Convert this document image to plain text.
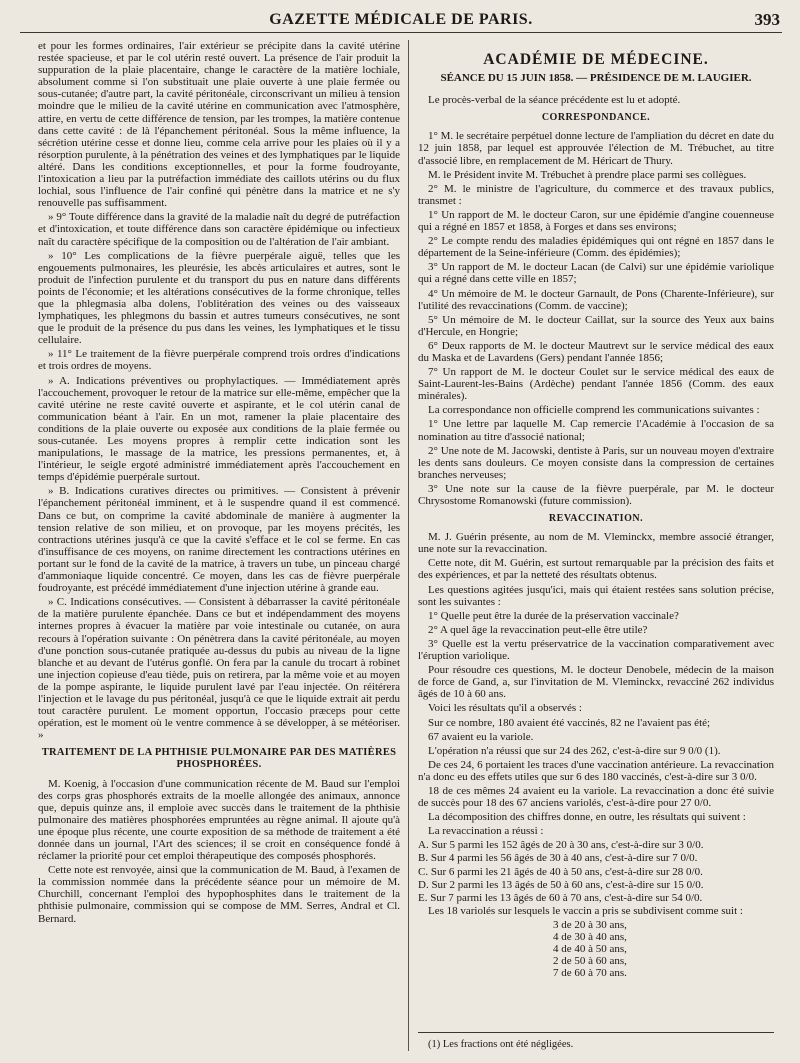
GAZETTE MÉDICALE DE PARIS.	393

et pour les formes ordinaires, l'air extérieur se précipite dans la cavité utérine restée spacieuse, et par le col utérin resté ouvert. La présence de l'air produit la suppuration de la plaie placentaire, change le caractère de la matière lochiale, absolument comme si l'on substituait une plaie ouverte à une plaie fermée ou sous-cutanée; d'autre part, la cavité péritonéale, circonscrivant un milieu à tension moindre que le milieu de la cavité utérine en communication avec l'atmosphère, attire, en vertu de cette différence de tension, par les trompes, la matière contenue dans cette cavité : de là l'épanchement péritonéal. Sous la même influence, la sécrétion utérine cesse et donne lieu, comme cela arrive pour les plaies où il y a résorption purulente, à la pénétration des veines et des lymphatiques par le liquide altéré. Dans les conditions exceptionnelles, et pour la forme foudroyante, l'intoxication a lieu par la putréfaction immédiate des caillots utérins ou du flux lochial, sous l'influence de l'air confiné qui pénètre dans la matrice et ne s'y renouvelle pas suffisamment.

» 9° Toute différence dans la gravité de la maladie naît du degré de putréfaction et d'intoxication, et toute différence dans son caractère épidémique ou infectieux naît du caractère spécifique de la composition ou de l'altération de l'air ambiant.

» 10° Les complications de la fièvre puerpérale aiguë, telles que les engouements pulmonaires, les pleurésie, les abcès articulaires et autres, sont le produit de l'infection purulente et du transport du pus en nature dans différents points de l'économie; et les altérations consécutives de la forme chronique, telles que la phlegmasia alba dolens, l'oblitération des veines ou des vaisseaux lymphatiques, les phlegmons du bassin et autres tumeurs consécutives, ne sont que le produit de la présence du pus dans les veines, les lymphatiques et le tissu cellulaire.

» 11° Le traitement de la fièvre puerpérale comprend trois ordres d'indications et trois ordres de moyens.

» A. Indications préventives ou prophylactiques. — Immédiatement après l'accouchement, provoquer le retour de la matrice sur elle-même, empêcher que la cavité utérine ne reste cavité ouverte et aspirante, et le col utérin canal de communication béant à l'air. En un mot, ramener la plaie placentaire des conditions de la plaie ouverte ou exposée aux conditions de la plaie fermée ou sous-cutanée. Les moyens propres à remplir cette indication sont les manipulations, le massage de la matrice, les pressions permanentes, et, à l'intérieur, le seigle ergoté administré immédiatement après l'accouchement en temps d'épidémie puerpérale surtout.

» B. Indications curatives directes ou primitives. — Consistent à prévenir l'épanchement péritonéal imminent, et à le suspendre quand il est commencé. Dans ce but, on comprime la cavité abdominale de manière à augmenter la tension relative de son milieu, et on provoque, par les moyens précités, les contractions utérines jusqu'à ce que la cavité s'efface et le col se ferme. En cas d'insuffisance de ces moyens, on ranime directement les contractions utérines en portant sur le fond de la cavité de la matrice, à travers un tube, un pinceau chargé d'ammoniaque liquide concentré. Ce moyen, dans les cas de fièvre puerpérale foudroyante, est précédé immédiatement d'une injection utérine à grande eau.

» C. Indications consécutives. — Consistent à débarrasser la cavité péritonéale de la matière purulente épanchée. Dans ce but et indépendamment des moyens internes propres à évacuer la matière par voie intestinale ou cutanée, on aura recours à l'opération suivante : On pénètrera dans la cavité péritonéale, au moyen d'une ponction sous-cutanée pratiquée au-dessus du pubis au niveau de la ligne blanche et au devant de l'utérus gonflé. On fera par la canule du trocart à robinet une injection copieuse d'eau tiède, puis on retirera, par la même voie et au moyen de la pompe aspirante, le liquide purulent lavé par l'eau injectée. On réitérera l'injection et le lavage du pus péritonéal, jusqu'à ce que le liquide extrait ait perdu tout caractère purulent. Le moment opportun, l'occasio præceps pour cette opération, est le moment où le ventre commence à se développer, à se météoriser. »

TRAITEMENT DE LA PHTHISIE PULMONAIRE PAR DES MATIÈRES PHOSPHORÉES.

M. Koenig, à l'occasion d'une communication récente de M. Baud sur l'emploi des corps gras phosphorés extraits de la moelle allongée des animaux, annonce que, depuis quinze ans, il emploie avec succès dans le traitement de la phthisie pulmonaire des matières phosphorées empruntées au règne animal. Il ajoute qu'à une époque plus récente, une courte exposition de sa méthode de traitement a été donnée dans un journal, l'Art des sciences; il se croit en conséquence fondé à réclamer la priorité pour cet emploi thérapeutique des composés phosphorés.

Cette note est renvoyée, ainsi que la communication de M. Baud, à l'examen de la commission nommée dans la précédente séance pour un mémoire de M. Churchill, concernant l'emploi des hypophosphites dans le traitement de la phthisie pulmonaire, commission qui se compose de MM. Serres, Andral et Cl. Bernard.

ACADÉMIE DE MÉDECINE.
SÉANCE DU 15 JUIN 1858. — PRÉSIDENCE DE M. LAUGIER.

Le procès-verbal de la séance précédente est lu et adopté.

CORRESPONDANCE.

1° M. le secrétaire perpétuel donne lecture de l'ampliation du décret en date du 12 juin 1858, par lequel est approuvée l'élection de M. Trébuchet, au titre d'associé libre, en remplacement de M. Héricart de Thury.

M. le Président invite M. Trébuchet à prendre place parmi ses collègues.

2° M. le ministre de l'agriculture, du commerce et des travaux publics, transmet :

1° Un rapport de M. le docteur Caron, sur une épidémie d'angine couenneuse qui a régné en 1857 et 1858, à Forges et dans ses environs;

2° Le compte rendu des maladies épidémiques qui ont régné en 1857 dans le département de la Seine-inférieure (Comm. des épidémies);

3° Un rapport de M. le docteur Lacan (de Calvi) sur une épidémie variolique qui a régné dans cette ville en 1857;

4° Un mémoire de M. le docteur Garnault, de Pons (Charente-Inférieure), sur l'utilité des revaccinations (Comm. de vaccine);

5° Un mémoire de M. le docteur Caillat, sur la source des Yeux aux bains d'Hercule, en Hongrie;

6° Deux rapports de M. le docteur Mautrevt sur le service médical des eaux du Maska et de Lavardens (Gers) pendant l'année 1856;

7° Un rapport de M. le docteur Coulet sur le service médical des eaux de Saint-Laurent-les-Bains (Ardèche) pendant l'année 1856 (Comm. des eaux minérales).

La correspondance non officielle comprend les communications suivantes :

1° Une lettre par laquelle M. Cap remercie l'Académie à l'occasion de sa nomination au titre d'associé national;

2° Une note de M. Jacowski, dentiste à Paris, sur un nouveau moyen d'extraire les dents sans douleurs. Ce moyen consiste dans la compression de certaines branches nerveuses;

3° Une note sur la cause de la fièvre puerpérale, par M. le docteur Chrysostome Romanowski (future commission).

REVACCINATION.

M. J. Guérin présente, au nom de M. Vleminckx, membre associé étranger, une note sur la revaccination.

Cette note, dit M. Guérin, est surtout remarquable par la précision des faits et des expériences, et par la netteté des résultats obtenus.

Les questions agitées jusqu'ici, mais qui étaient restées sans solution précise, sont les suivantes :

1° Quelle peut être la durée de la préservation vaccinale?

2° A quel âge la revaccination peut-elle être utile?

3° Quelle est la vertu préservatrice de la vaccination comparativement avec l'éruption variolique.

Pour résoudre ces questions, M. le docteur Denobele, médecin de la maison de force de Gand, a, sur l'invitation de M. Vleminckx, revacciné 262 individus âgés de 10 à 60 ans.

Voici les résultats qu'il a observés :

Sur ce nombre, 180 avaient été vaccinés, 82 ne l'avaient pas été;

67 avaient eu la variole.

L'opération n'a réussi que sur 24 des 262, c'est-à-dire sur 9 0/0 (1).

De ces 24, 6 portaient les traces d'une vaccination antérieure. La revaccination n'a donc eu des effets utiles que sur 6 des 180 vaccinés, c'est-à-dire sur 3 0/0.

18 de ces mêmes 24 avaient eu la variole. La revaccination a donc été suivie de succès pour 18 des 67 anciens variolés, c'est-à-dire pour 27 0/0.

La décomposition des chiffres donne, en outre, les résultats qui suivent :

La revaccination a réussi :

A. Sur 5 parmi les 152 âgés de 20 à 30 ans, c'est-à-dire sur 3 0/0.

B. Sur 4 parmi les 56 âgés de 30 à 40 ans, c'est-à-dire sur 7 0/0.

C. Sur 6 parmi les 21 âgés de 40 à 50 ans, c'est-à-dire sur 28 0/0.

D. Sur 2 parmi les 13 âgés de 50 à 60 ans, c'est-à-dire sur 15 0/0.

E. Sur 7 parmi les 13 âgés de 60 à 70 ans, c'est-à-dire sur 54 0/0.

Les 18 variolés sur lesquels le vaccin a pris se subdivisent comme suit :

3 de 20 à 30 ans,
4 de 30 à 40 ans,
4 de 40 à 50 ans,
2 de 50 à 60 ans,
7 de 60 à 70 ans.
(1) Les fractions ont été négligées.
